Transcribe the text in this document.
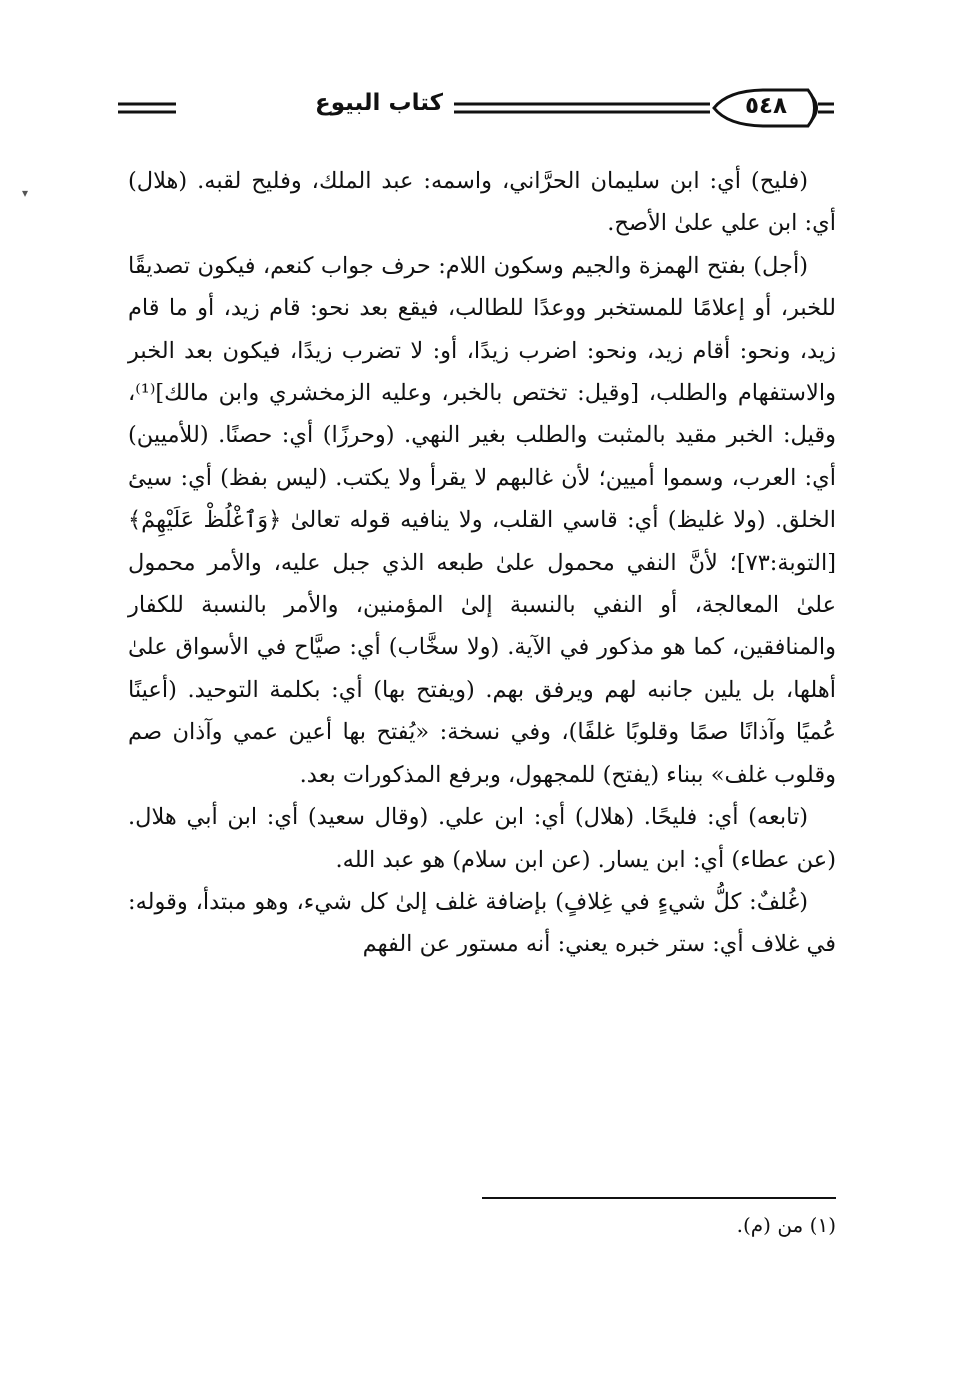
كتاب البيوع	٥٤٨
▾	(فليح) أي: ابن سليمان الحرَّاني، واسمه: عبد الملك، وفليح لقبه. (هلال) أي: ابن علي علىٰ الأصح.

(أجل) بفتح الهمزة والجيم وسكون اللام: حرف جواب كنعم، فيكون تصديقًا للخبر، أو إعلامًا للمستخبر ووعدًا للطالب، فيقع بعد نحو: قام زيد، أو ما قام زيد، ونحو: أقام زيد، ونحو: اضرب زيدًا، أو: لا تضرب زيدًا، فيكون بعد الخبر والاستفهام والطلب، [وقيل: تختص بالخبر، وعليه الزمخشري وابن مالك]⁽¹⁾، وقيل: الخبر مقيد بالمثبت والطلب بغير النهي. (وحرزًا) أي: حصنًا. (للأميين) أي: العرب، وسموا أميين؛ لأن غالبهم لا يقرأ ولا يكتب. (ليس بفظ) أي: سيئ الخلق. (ولا غليظ) أي: قاسي القلب، ولا ينافيه قوله تعالىٰ ﴿وَٱغْلُظْ عَلَيْهِمْ﴾ [التوبة:٧٣]؛ لأنَّ النفي محمول علىٰ طبعه الذي جبل عليه، والأمر محمول علىٰ المعالجة، أو النفي بالنسبة إلىٰ المؤمنين، والأمر بالنسبة للكفار والمنافقين، كما هو مذكور في الآية. (ولا سخَّاب) أي: صيَّاح في الأسواق علىٰ أهلها، بل يلين جانبه لهم ويرفق بهم. (ويفتح بها) أي: بكلمة التوحيد. (أعينًا عُميًا وآذانًا صمًا وقلوبًا غلفًا)، وفي نسخة: «يُفتح بها أعين عمي وآذان صم وقلوب غلف» ببناء (يفتح) للمجهول، وبرفع المذكورات بعد.

(تابعه) أي: فليحًا. (هلال) أي: ابن علي. (وقال سعيد) أي: ابن أبي هلال. (عن عطاء) أي: ابن يسار. (عن ابن سلام) هو عبد الله.

(غُلفٌ: كلُّ شيءٍ في غِلافٍ) بإضافة غلف إلىٰ كل شيء، وهو مبتدأ، وقوله: في غلاف أي: ستر خبره يعني: أنه مستور عن الفهم

(١) من (م).
